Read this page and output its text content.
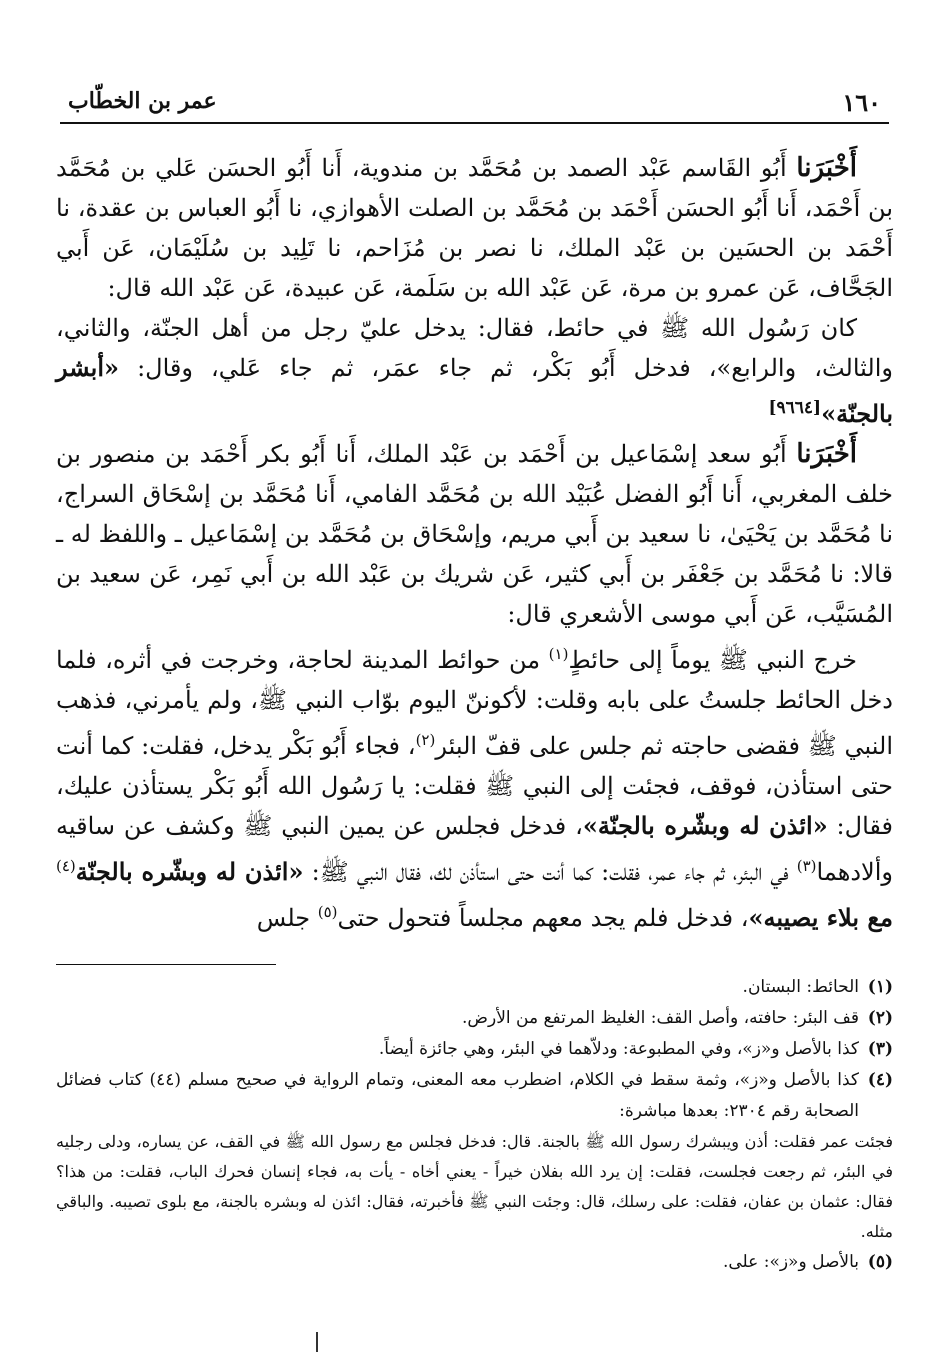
١٦٠
عمر بن الخطّاب

أَخْبَرَنا أَبُو القَاسم عَبْد الصمد بن مُحَمَّد بن مندوية، أَنا أَبُو الحسَن عَلي بن مُحَمَّد بن أَحْمَد، أَنا أَبُو الحسَن أَحْمَد بن مُحَمَّد بن الصلت الأهوازي، نا أَبُو العباس بن عقدة، نا أَحْمَد بن الحسَين بن عَبْد الملك، نا نصر بن مُزَاحم، نا تَلِيد بن سُلَيْمَان، عَن أَبي الجَحَّاف، عَن عمرو بن مرة، عَن عَبْد الله بن سَلَمة، عَن عبيدة، عَن عَبْد الله قال:

كان رَسُول الله ﷺ في حائط، فقال: يدخل عليّ رجل من أهل الجنّة، والثاني، والثالث، والرابع»، فدخل أَبُو بَكْر، ثم جاء عمَر، ثم جاء عَلي، وقال: «أبشر بالجنّة»[٩٦٦٤]

أَخْبَرَنا أَبُو سعد إسْمَاعيل بن أَحْمَد بن عَبْد الملك، أَنا أَبُو بكر أَحْمَد بن منصور بن خلف المغربي، أَنا أَبُو الفضل عُبَيْد الله بن مُحَمَّد الفامي، أَنا مُحَمَّد بن إسْحَاق السراج، نا مُحَمَّد بن يَحْيَىٰ، نا سعيد بن أَبي مريم، وإسْحَاق بن مُحَمَّد بن إسْمَاعيل ـ واللفظ له ـ قالا: نا مُحَمَّد بن جَعْفَر بن أَبي كثير، عَن شريك بن عَبْد الله بن أَبي نَمِر، عَن سعيد بن المُسَيَّب، عَن أَبي موسى الأشعري قال:

خرج النبي ﷺ يوماً إلى حائطٍ$^{(١)}$ من حوائط المدينة لحاجة، وخرجت في أثره، فلما دخل الحائط جلستُ على بابه وقلت: لأكوننّ اليوم بوّاب النبي ﷺ، ولم يأمرني، فذهب النبي ﷺ فقضى حاجته ثم جلس على قفّ البئر$^{(٢)}$، فجاء أَبُو بَكْر يدخل، فقلت: كما أنت حتى استأذن، فوقف، فجئت إلى النبي ﷺ فقلت: يا رَسُول الله أَبُو بَكْر يستأذن عليك، فقال: «ائذن له وبشّره بالجنّة»، فدخل فجلس عن يمين النبي ﷺ وكشف عن ساقيه وألادهما$^{(٣)}$ في البئر، ثم جاء عمر، فقلت: كما أنت حتى استأذن لك، فقال النبي ﷺ: «ائذن له وبشّره بالجنّة$^{(٤)}$ مع بلاء يصيبه»، فدخل فلم يجد معهم مجلساً فتحول حتى$^{(٥)}$ جلس

(١)
الحائط: البستان.
(٢)
قف البئر: حافته، وأصل القف: الغليظ المرتفع من الأرض.
(٣)
كذا بالأصل و«ز»، وفي المطبوعة: ودلاّهما في البئر، وهي جائزة أيضاً.
(٤)
كذا بالأصل و«ز»، وثمة سقط في الكلام، اضطرب معه المعنى، وتمام الرواية في صحيح مسلم (٤٤) كتاب فضائل الصحابة رقم ٢٣٠٤: بعدها مباشرة:

فجئت عمر فقلت: أذن ويبشرك رسول الله ﷺ بالجنة. قال: فدخل فجلس مع رسول الله ﷺ في القف، عن يساره، ودلى رجليه في البئر، ثم رجعت فجلست، فقلت: إن يرد الله بفلان خيراً - يعني أخاه - يأت به، فجاء إنسان فحرك الباب، فقلت: من هذا؟ فقال: عثمان بن عفان، فقلت: على رسلك، قال: وجئت النبي ﷺ فأخبرته، فقال: ائذن له وبشره بالجنة، مع بلوى تصيبه. والباقي مثله.

(٥)
بالأصل و«ز»: على.
